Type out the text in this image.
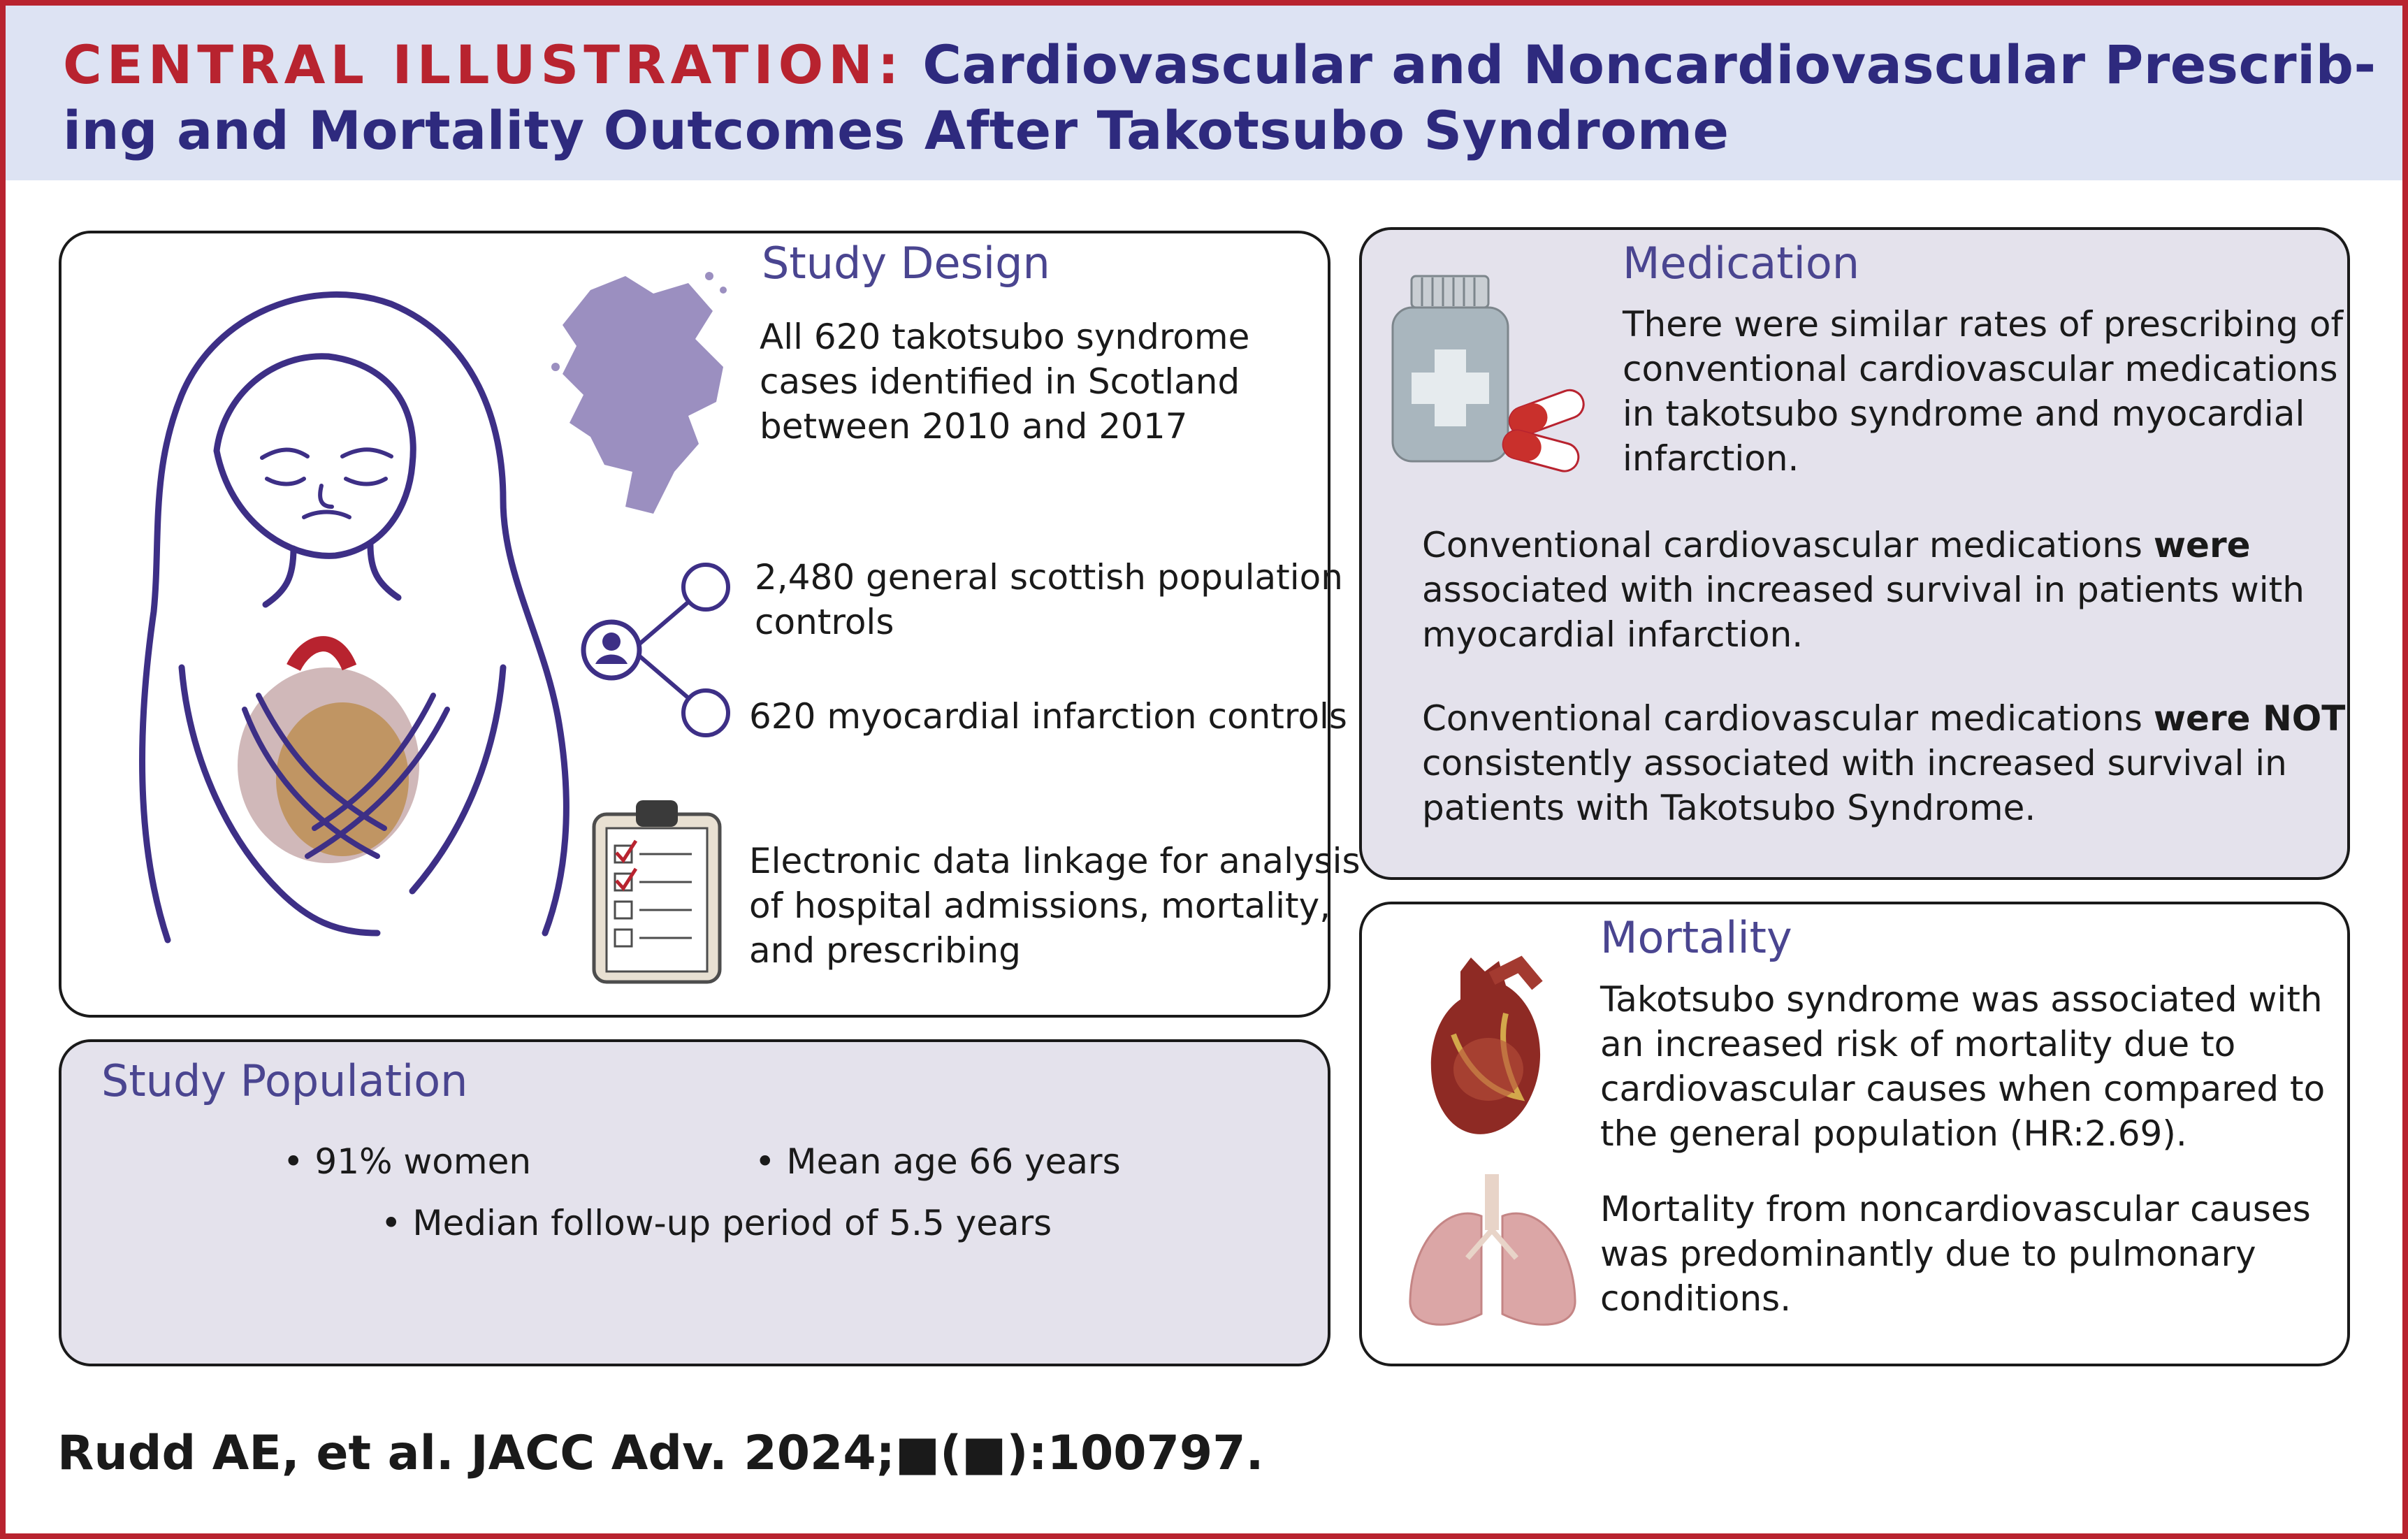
CENTRAL ILLUSTRATION: Cardiovascular and Noncardiovascular Prescrib-
ing and Mortality Outcomes After Takotsubo Syndrome
Study Design
All 620 takotsubo syndrome
cases identified in Scotland
between 2010 and 2017
2,480 general scottish population
controls
620 myocardial infarction controls
Electronic data linkage for analysis
of hospital admissions, mortality,
and prescribing
Study Population
• 91% women	• Mean age 66 years
• Median follow-up period of 5.5 years
Medication
There were similar rates of prescribing of
conventional cardiovascular medications
in takotsubo syndrome and myocardial
infarction.
Conventional cardiovascular medications were
associated with increased survival in patients with
myocardial infarction.
Conventional cardiovascular medications were NOT
consistently associated with increased survival in
patients with Takotsubo Syndrome.
Mortality
Takotsubo syndrome was associated with
an increased risk of mortality due to
cardiovascular causes when compared to
the general population (HR:2.69).
Mortality from noncardiovascular causes
was predominantly due to pulmonary
conditions.
Rudd AE, et al. JACC Adv. 2024;■(■):100797.
